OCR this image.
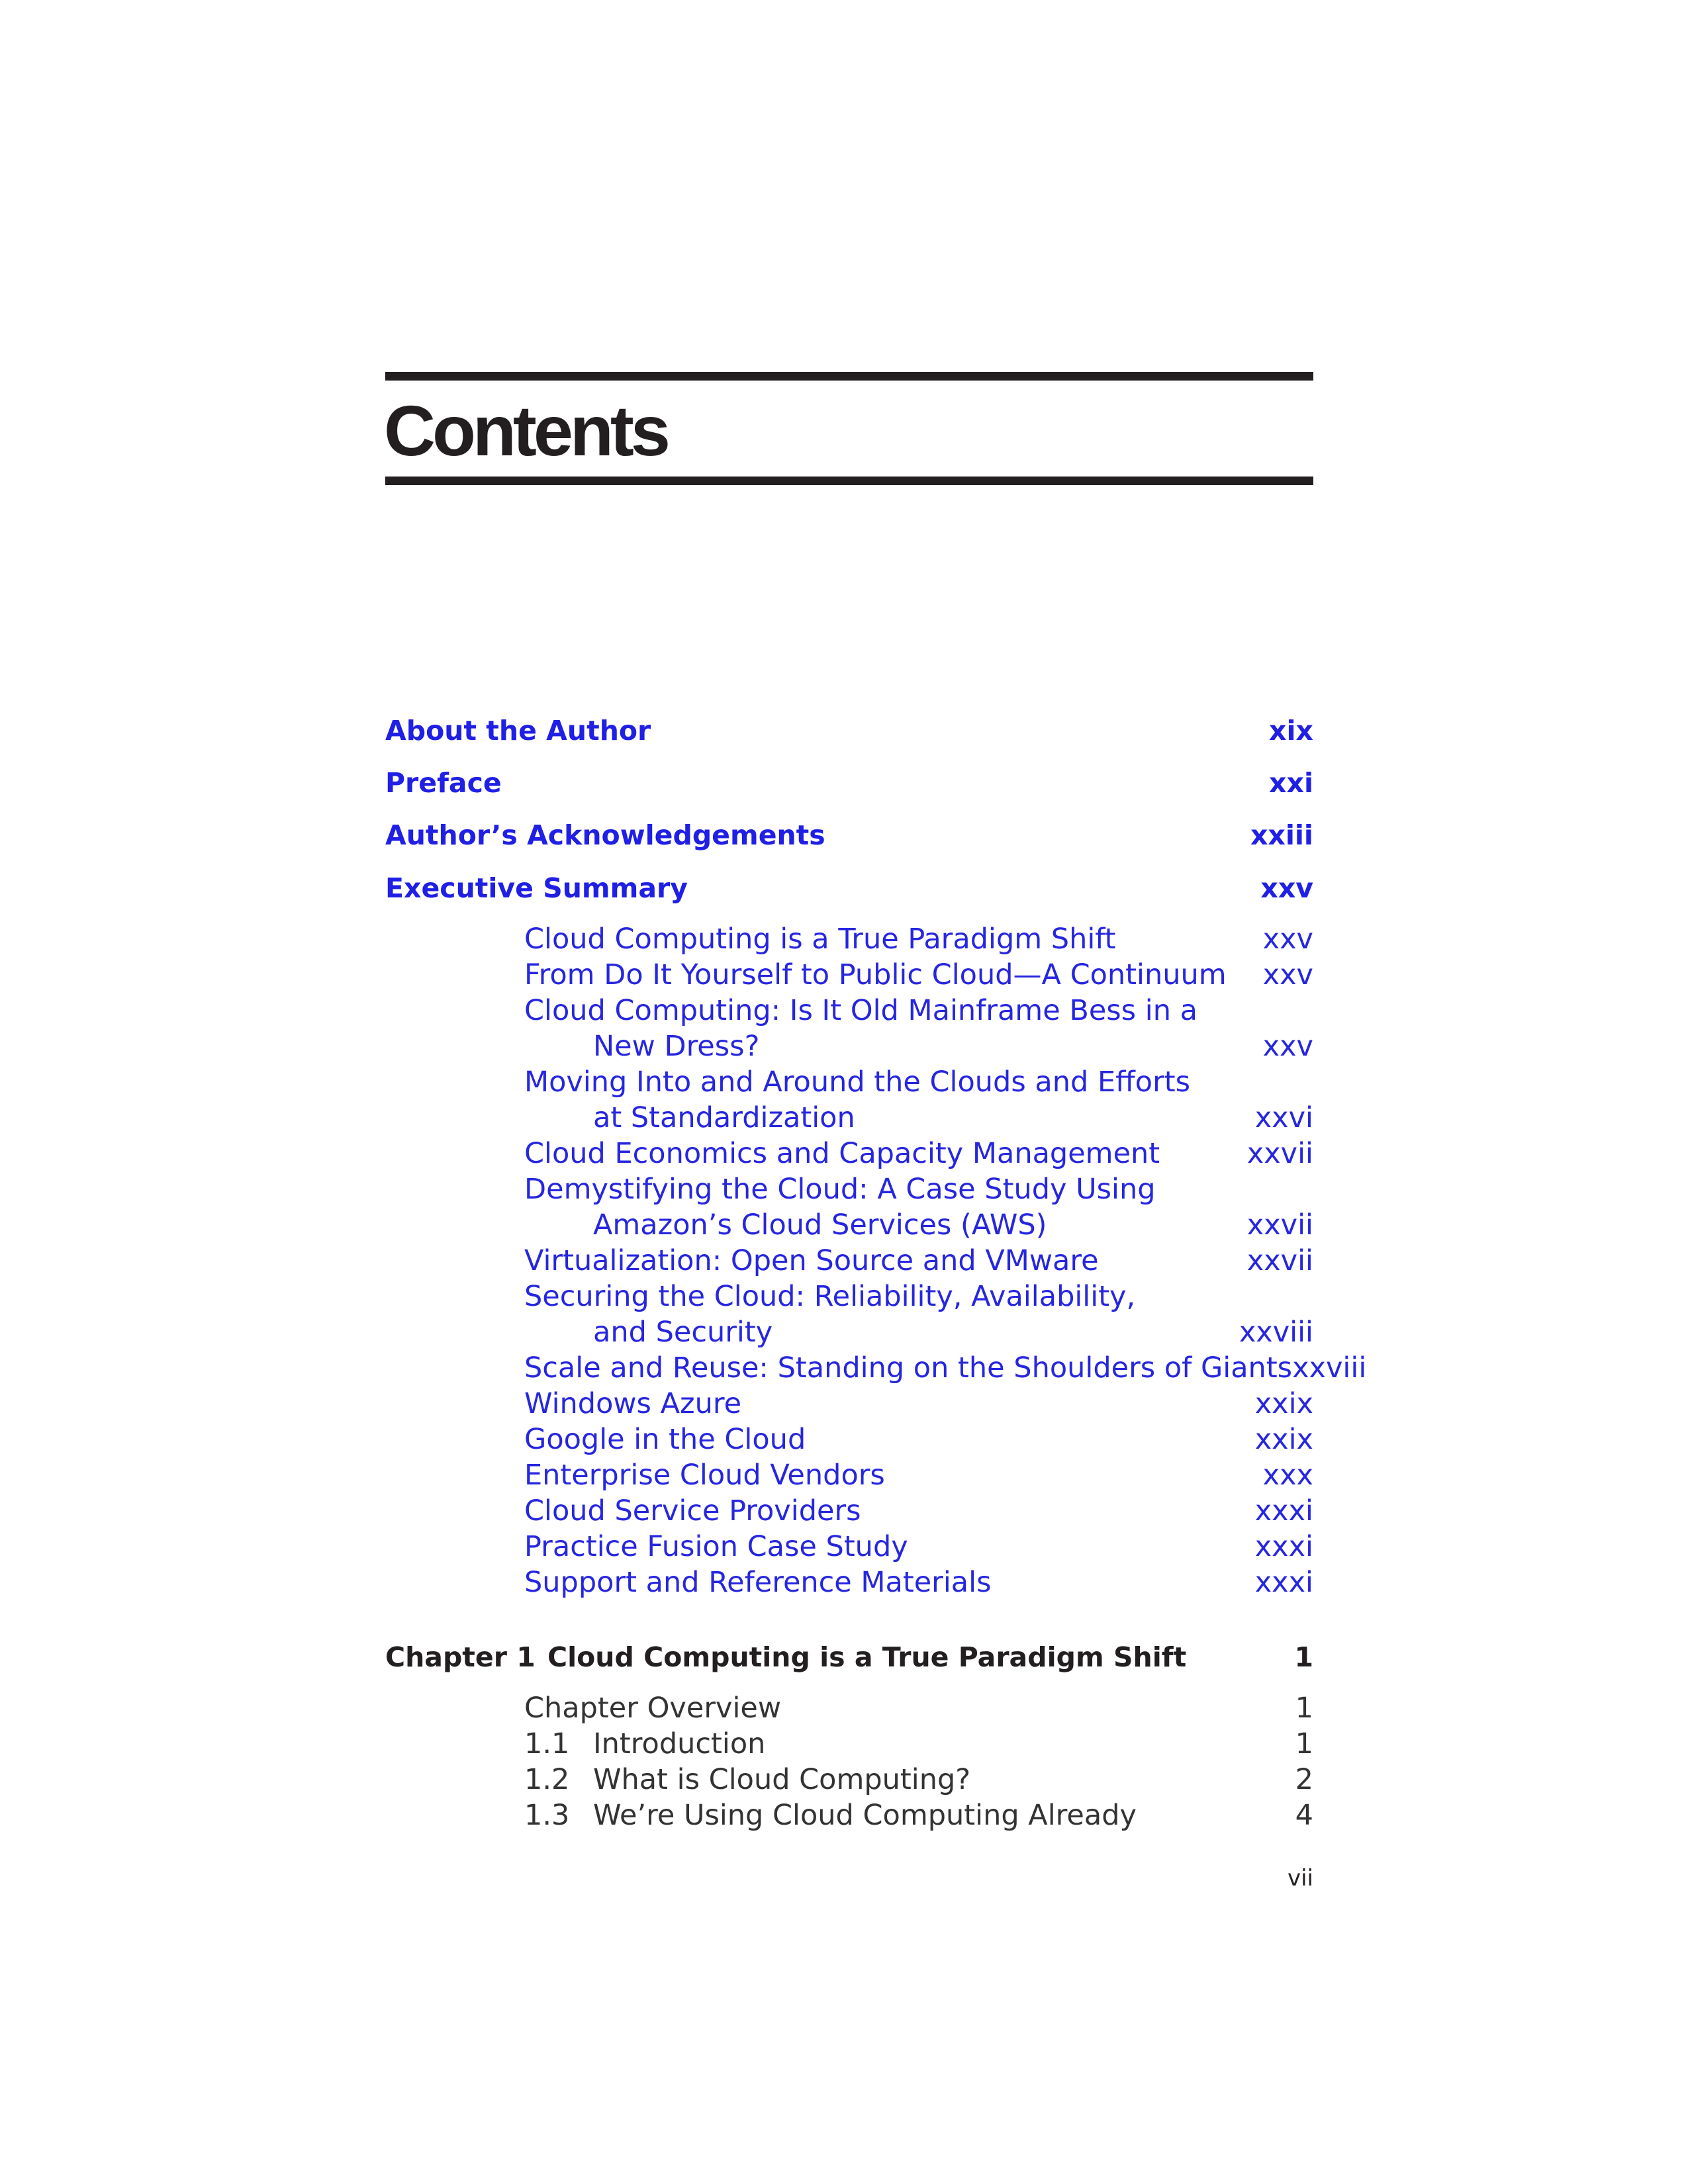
Contents
About the Author	xix
Preface	xxi
Author’s Acknowledgements	xxiii
Executive Summary	xxv
Cloud Computing is a True Paradigm Shift	xxv
From Do It Yourself to Public Cloud—A Continuum xxv
Cloud Computing: Is It Old Mainframe Bess in a
New Dress?	xxv
Moving Into and Around the Clouds and Efforts
at Standardization	xxvi
Cloud Economics and Capacity Management	xxvii
Demystifying the Cloud: A Case Study Using
Amazon’s Cloud Services (AWS)	xxvii
Virtualization: Open Source and VMware	xxvii
Securing the Cloud: Reliability, Availability,
and Security	xxviii
Scale and Reuse: Standing on the Shoulders of Giants xxviii
Windows Azure	xxix
Google in the Cloud	xxix
Enterprise Cloud Vendors	xxx
Cloud Service Providers	xxxi
Practice Fusion Case Study	xxxi
Support and Reference Materials	xxxi
Chapter 1 Cloud Computing is a True Paradigm Shift	1
Chapter Overview	1
1.1 Introduction	1
1.2 What is Cloud Computing?	2
1.3 We’re Using Cloud Computing Already	4
vii
